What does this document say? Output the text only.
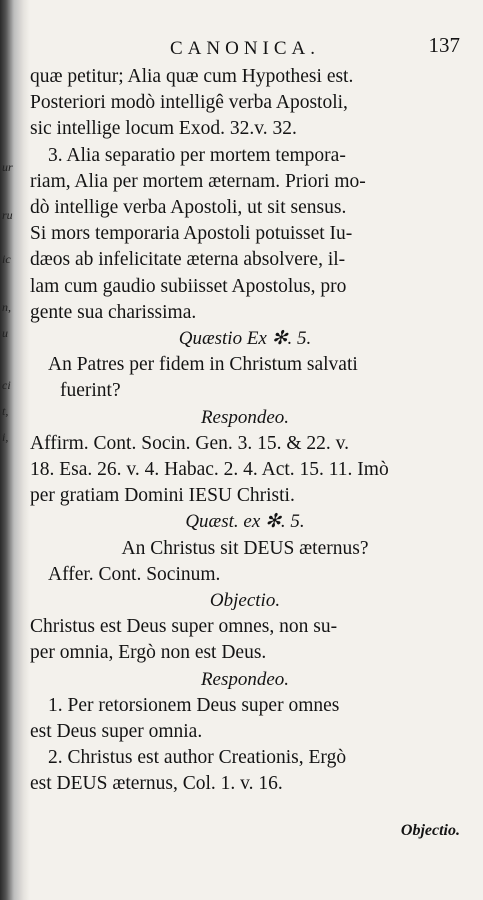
ur
ru
ic
n,
u
ci
t,
i,
CANONICA.	137
quæ petitur; Alia quæ cum Hypothesi est.
Posteriori modò intelligê verba Apostoli,
sic intellige locum Exod. 32.v. 32.
3. Alia separatio per mortem tempora-
riam, Alia per mortem æternam. Priori mo-
dò intellige verba Apostoli, ut sit sensus.
Si mors temporaria Apostoli potuisset Iu-
dæos ab infelicitate æterna absolvere, il-
lam cum gaudio subiisset Apostolus, pro
gente sua charissima.
Quæstio Ex ✻. 5.
An Patres per fidem in Christum salvati
fuerint?
Respondeo.
Affirm. Cont. Socin. Gen. 3. 15. & 22. v.
18. Esa. 26. v. 4. Habac. 2. 4. Act. 15. 11. Imò
per gratiam Domini IESU Christi.
Quæst. ex ✻. 5.
An Christus sit DEUS æternus?
Affer. Cont. Socinum.
Objectio.
Christus est Deus super omnes, non su-
per omnia, Ergò non est Deus.
Respondeo.
1. Per retorsionem Deus super omnes
est Deus super omnia.
2. Christus est author Creationis, Ergò
est DEUS æternus, Col. 1. v. 16.
Objectio.
